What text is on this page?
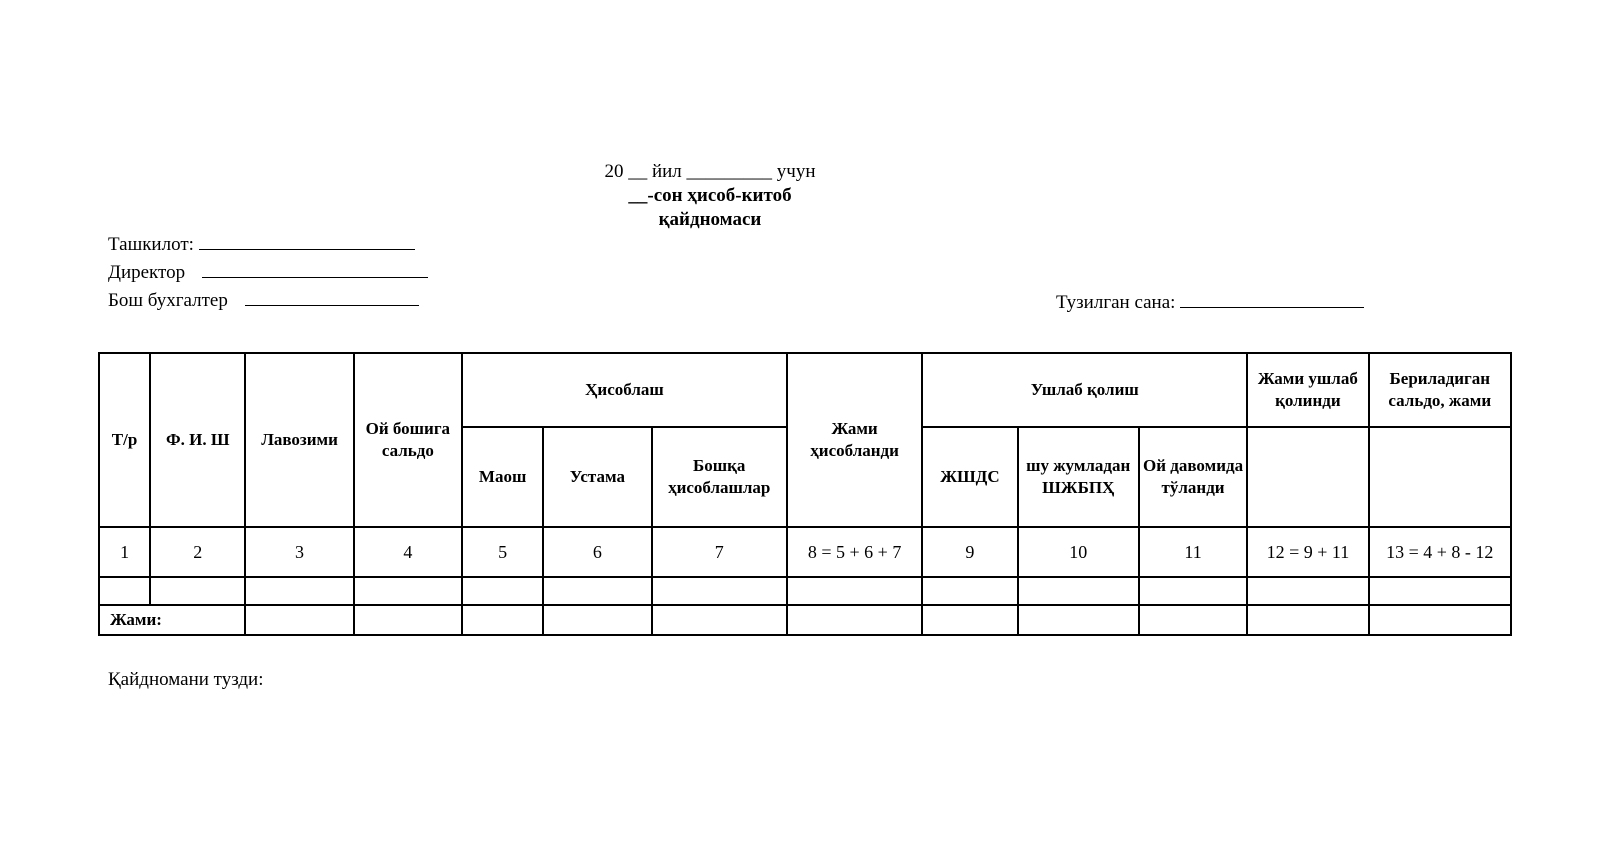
20 __ йил _________ учун
__-сон ҳисоб-китоб
қайдномаси
Ташкилот:
Директор
Бош бухгалтер	Тузилган сана:
Т/р	Ф. И. Ш	Лавозими	Ой бошига сальдо	Ҳисоблаш			Жами ҳисобланди	Ушлаб қолиш			Жами ушлаб қолинди	Бериладиган сальдо, жами
				Маош	Устама	Бошқа ҳисоблашлар		ЖШДС	шу жумладан ШЖБПҲ	Ой давомида тўланди		
1	2	3	4	5	6	7	8 = 5 + 6 + 7	9	10	11	12 = 9 + 11	13 = 4 + 8 - 12

Жами:												
Қайдномани тузди:
